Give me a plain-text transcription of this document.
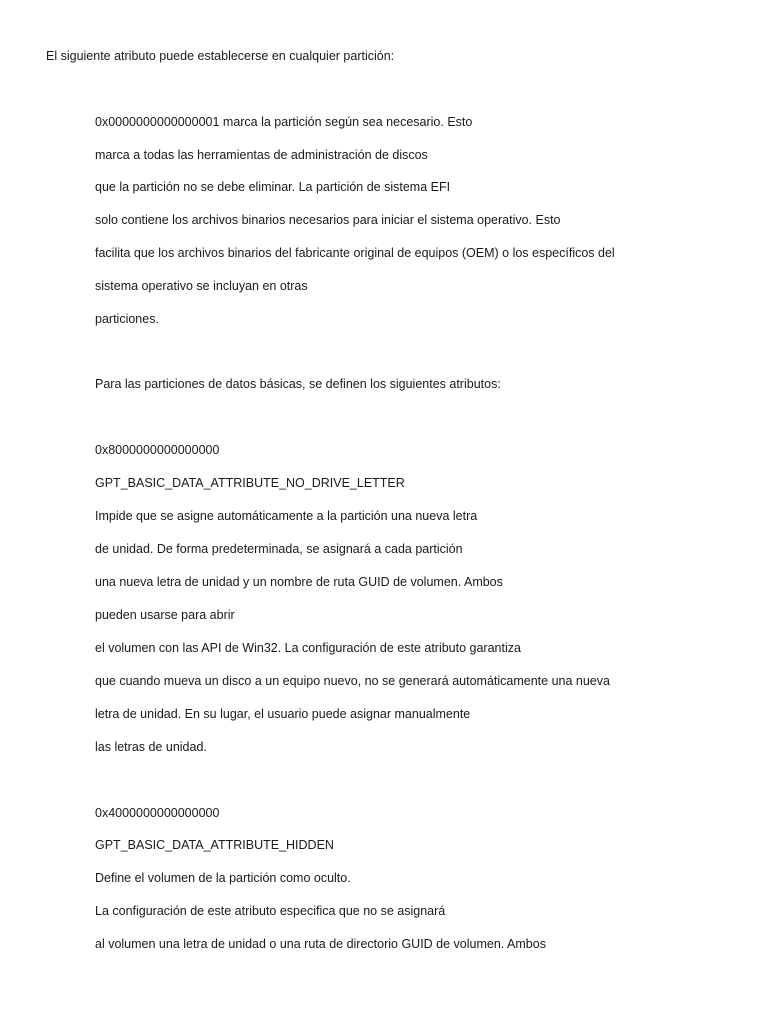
El siguiente atributo puede establecerse en cualquier partición:
0x0000000000000001 marca la partición según sea necesario. Esto
marca a todas las herramientas de administración de discos
que la partición no se debe eliminar. La partición de sistema EFI
solo contiene los archivos binarios necesarios para iniciar el sistema operativo. Esto
facilita que los archivos binarios del fabricante original de equipos (OEM) o los específicos del
sistema operativo se incluyan en otras
particiones.
Para las particiones de datos básicas, se definen los siguientes atributos:
0x8000000000000000
GPT_BASIC_DATA_ATTRIBUTE_NO_DRIVE_LETTER
Impide que se asigne automáticamente a la partición una nueva letra
de unidad. De forma predeterminada, se asignará a cada partición
una nueva letra de unidad y un nombre de ruta GUID de volumen. Ambos
pueden usarse para abrir
el volumen con las API de Win32. La configuración de este atributo garantiza
que cuando mueva un disco a un equipo nuevo, no se generará automáticamente una nueva
letra de unidad. En su lugar, el usuario puede asignar manualmente
las letras de unidad.
0x4000000000000000
GPT_BASIC_DATA_ATTRIBUTE_HIDDEN
Define el volumen de la partición como oculto.
La configuración de este atributo especifica que no se asignará
al volumen una letra de unidad o una ruta de directorio GUID de volumen. Ambos
